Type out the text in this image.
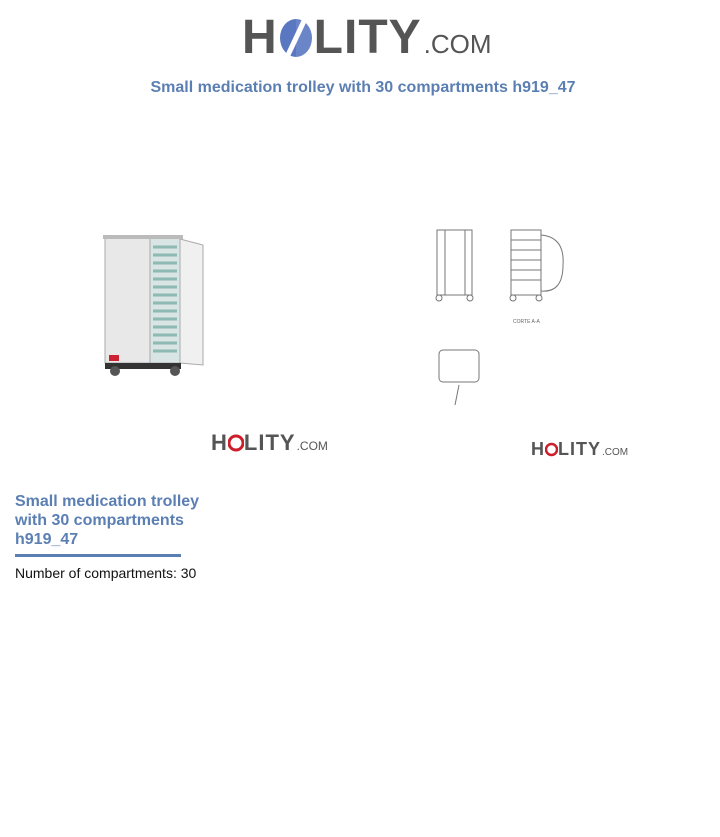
H LITY .COM
Small medication trolley with 30 compartments h919_47
CORTE A-A
H LITY .COM	H LITY .COM
Small medication trolley with 30 compartments h919_47
Number of compartments: 30
